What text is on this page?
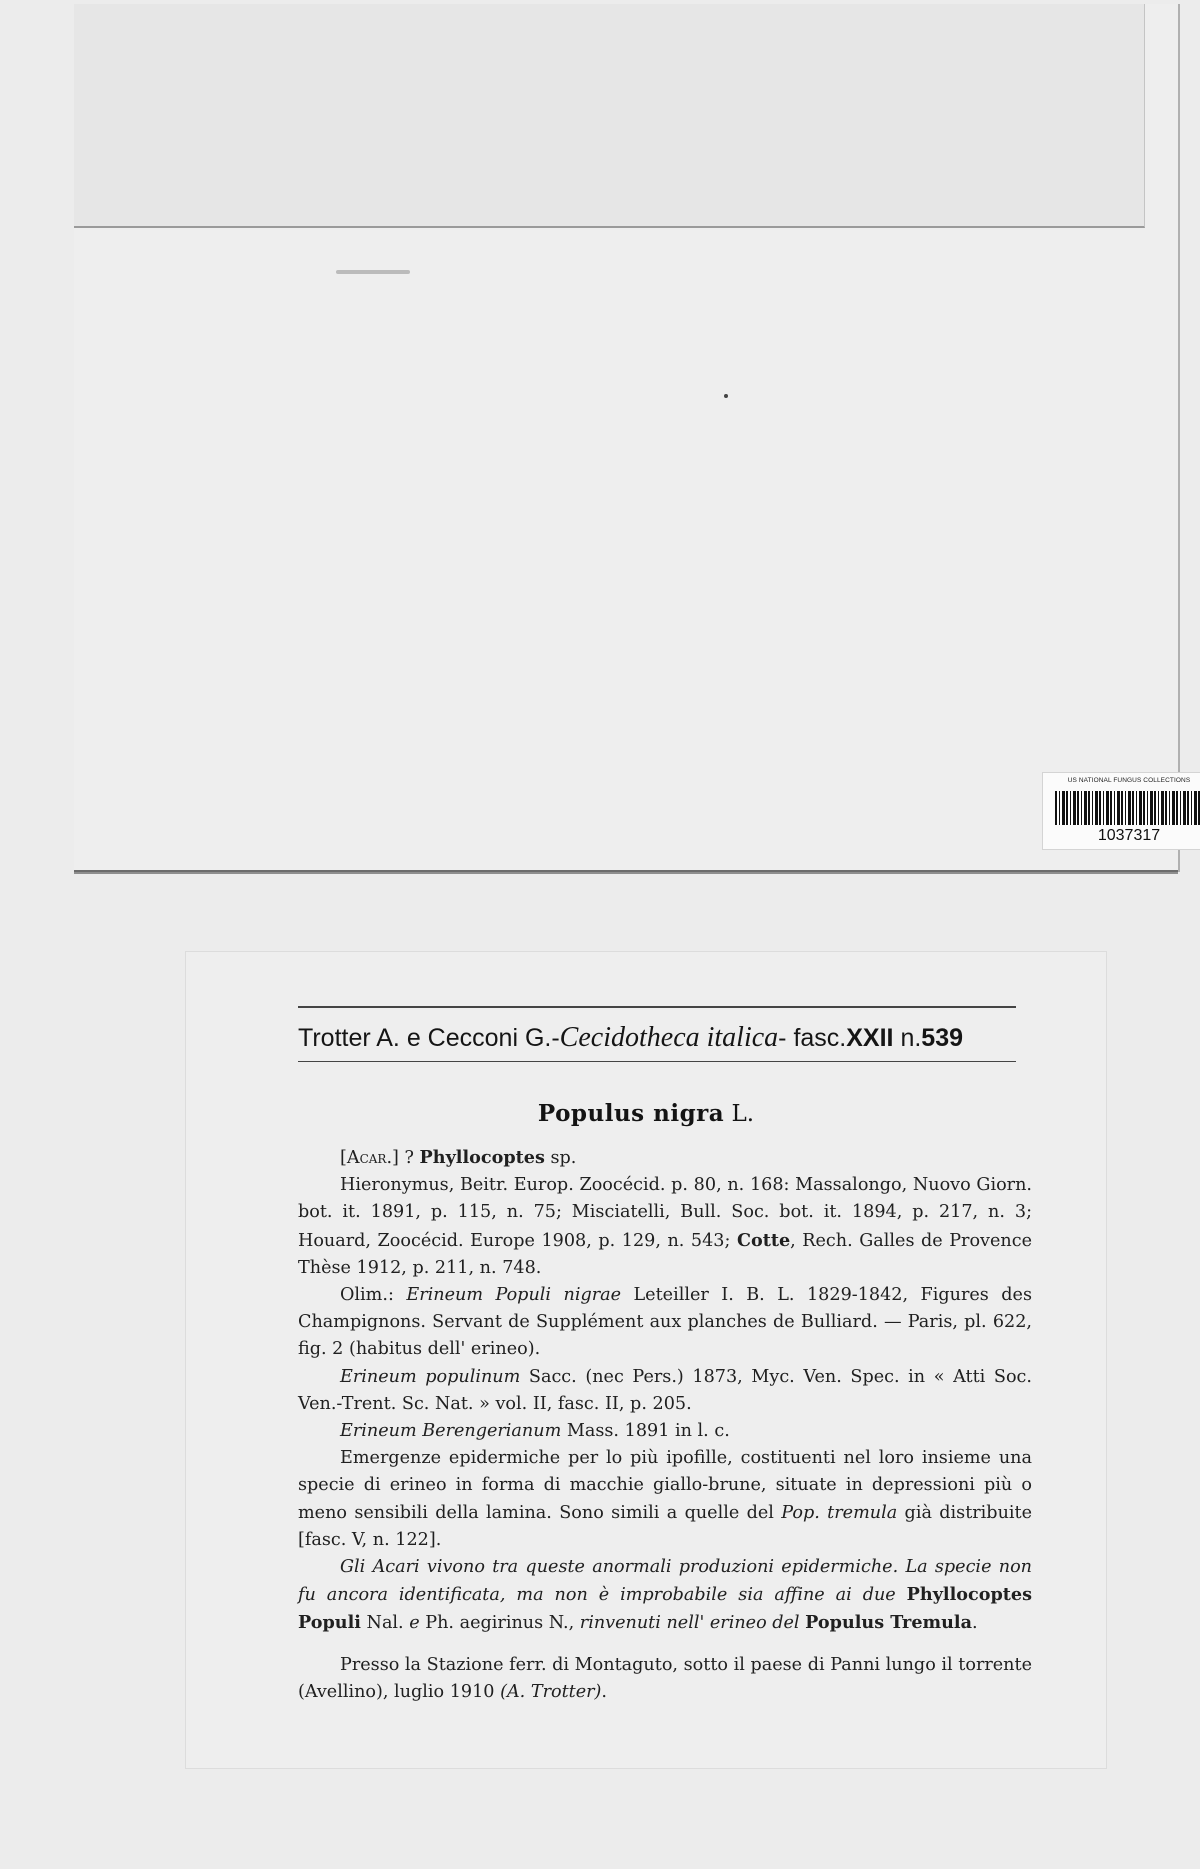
US NATIONAL FUNGUS COLLECTIONS
1037317
Trotter A. e Cecconi G.-Cecidotheca italica- fasc.XXII n.539
Populus nigra L.

[Acar.] ? Phyllocoptes sp.

Hieronymus, Beitr. Europ. Zoocécid. p. 80, n. 168: Massalongo, Nuovo Giorn. bot. it. 1891, p. 115, n. 75; Misciatelli, Bull. Soc. bot. it. 1894, p. 217, n. 3; Houard, Zoocécid. Europe 1908, p. 129, n. 543; Cotte, Rech. Galles de Provence Thèse 1912, p. 211, n. 748.

Olim.: Erineum Populi nigrae Leteiller I. B. L. 1829-1842, Figures des Champignons. Servant de Supplément aux planches de Bulliard. — Paris, pl. 622, fig. 2 (habitus dell' erineo).

Erineum populinum Sacc. (nec Pers.) 1873, Myc. Ven. Spec. in « Atti Soc. Ven.-Trent. Sc. Nat. » vol. II, fasc. II, p. 205.

Erineum Berengerianum Mass. 1891 in l. c.

Emergenze epidermiche per lo più ipofille, costituenti nel loro insieme una specie di erineo in forma di macchie giallo-brune, situate in depressioni più o meno sensibili della lamina. Sono simili a quelle del Pop. tremula già distribuite [fasc. V, n. 122].

Gli Acari vivono tra queste anormali produzioni epidermiche. La specie non fu ancora identificata, ma non è improbabile sia affine ai due Phyllocoptes Populi Nal. e Ph. aegirinus N., rinvenuti nell' erineo del Populus Tremula.

Presso la Stazione ferr. di Montaguto, sotto il paese di Panni lungo il torrente (Avellino), luglio 1910 (A. Trotter).
